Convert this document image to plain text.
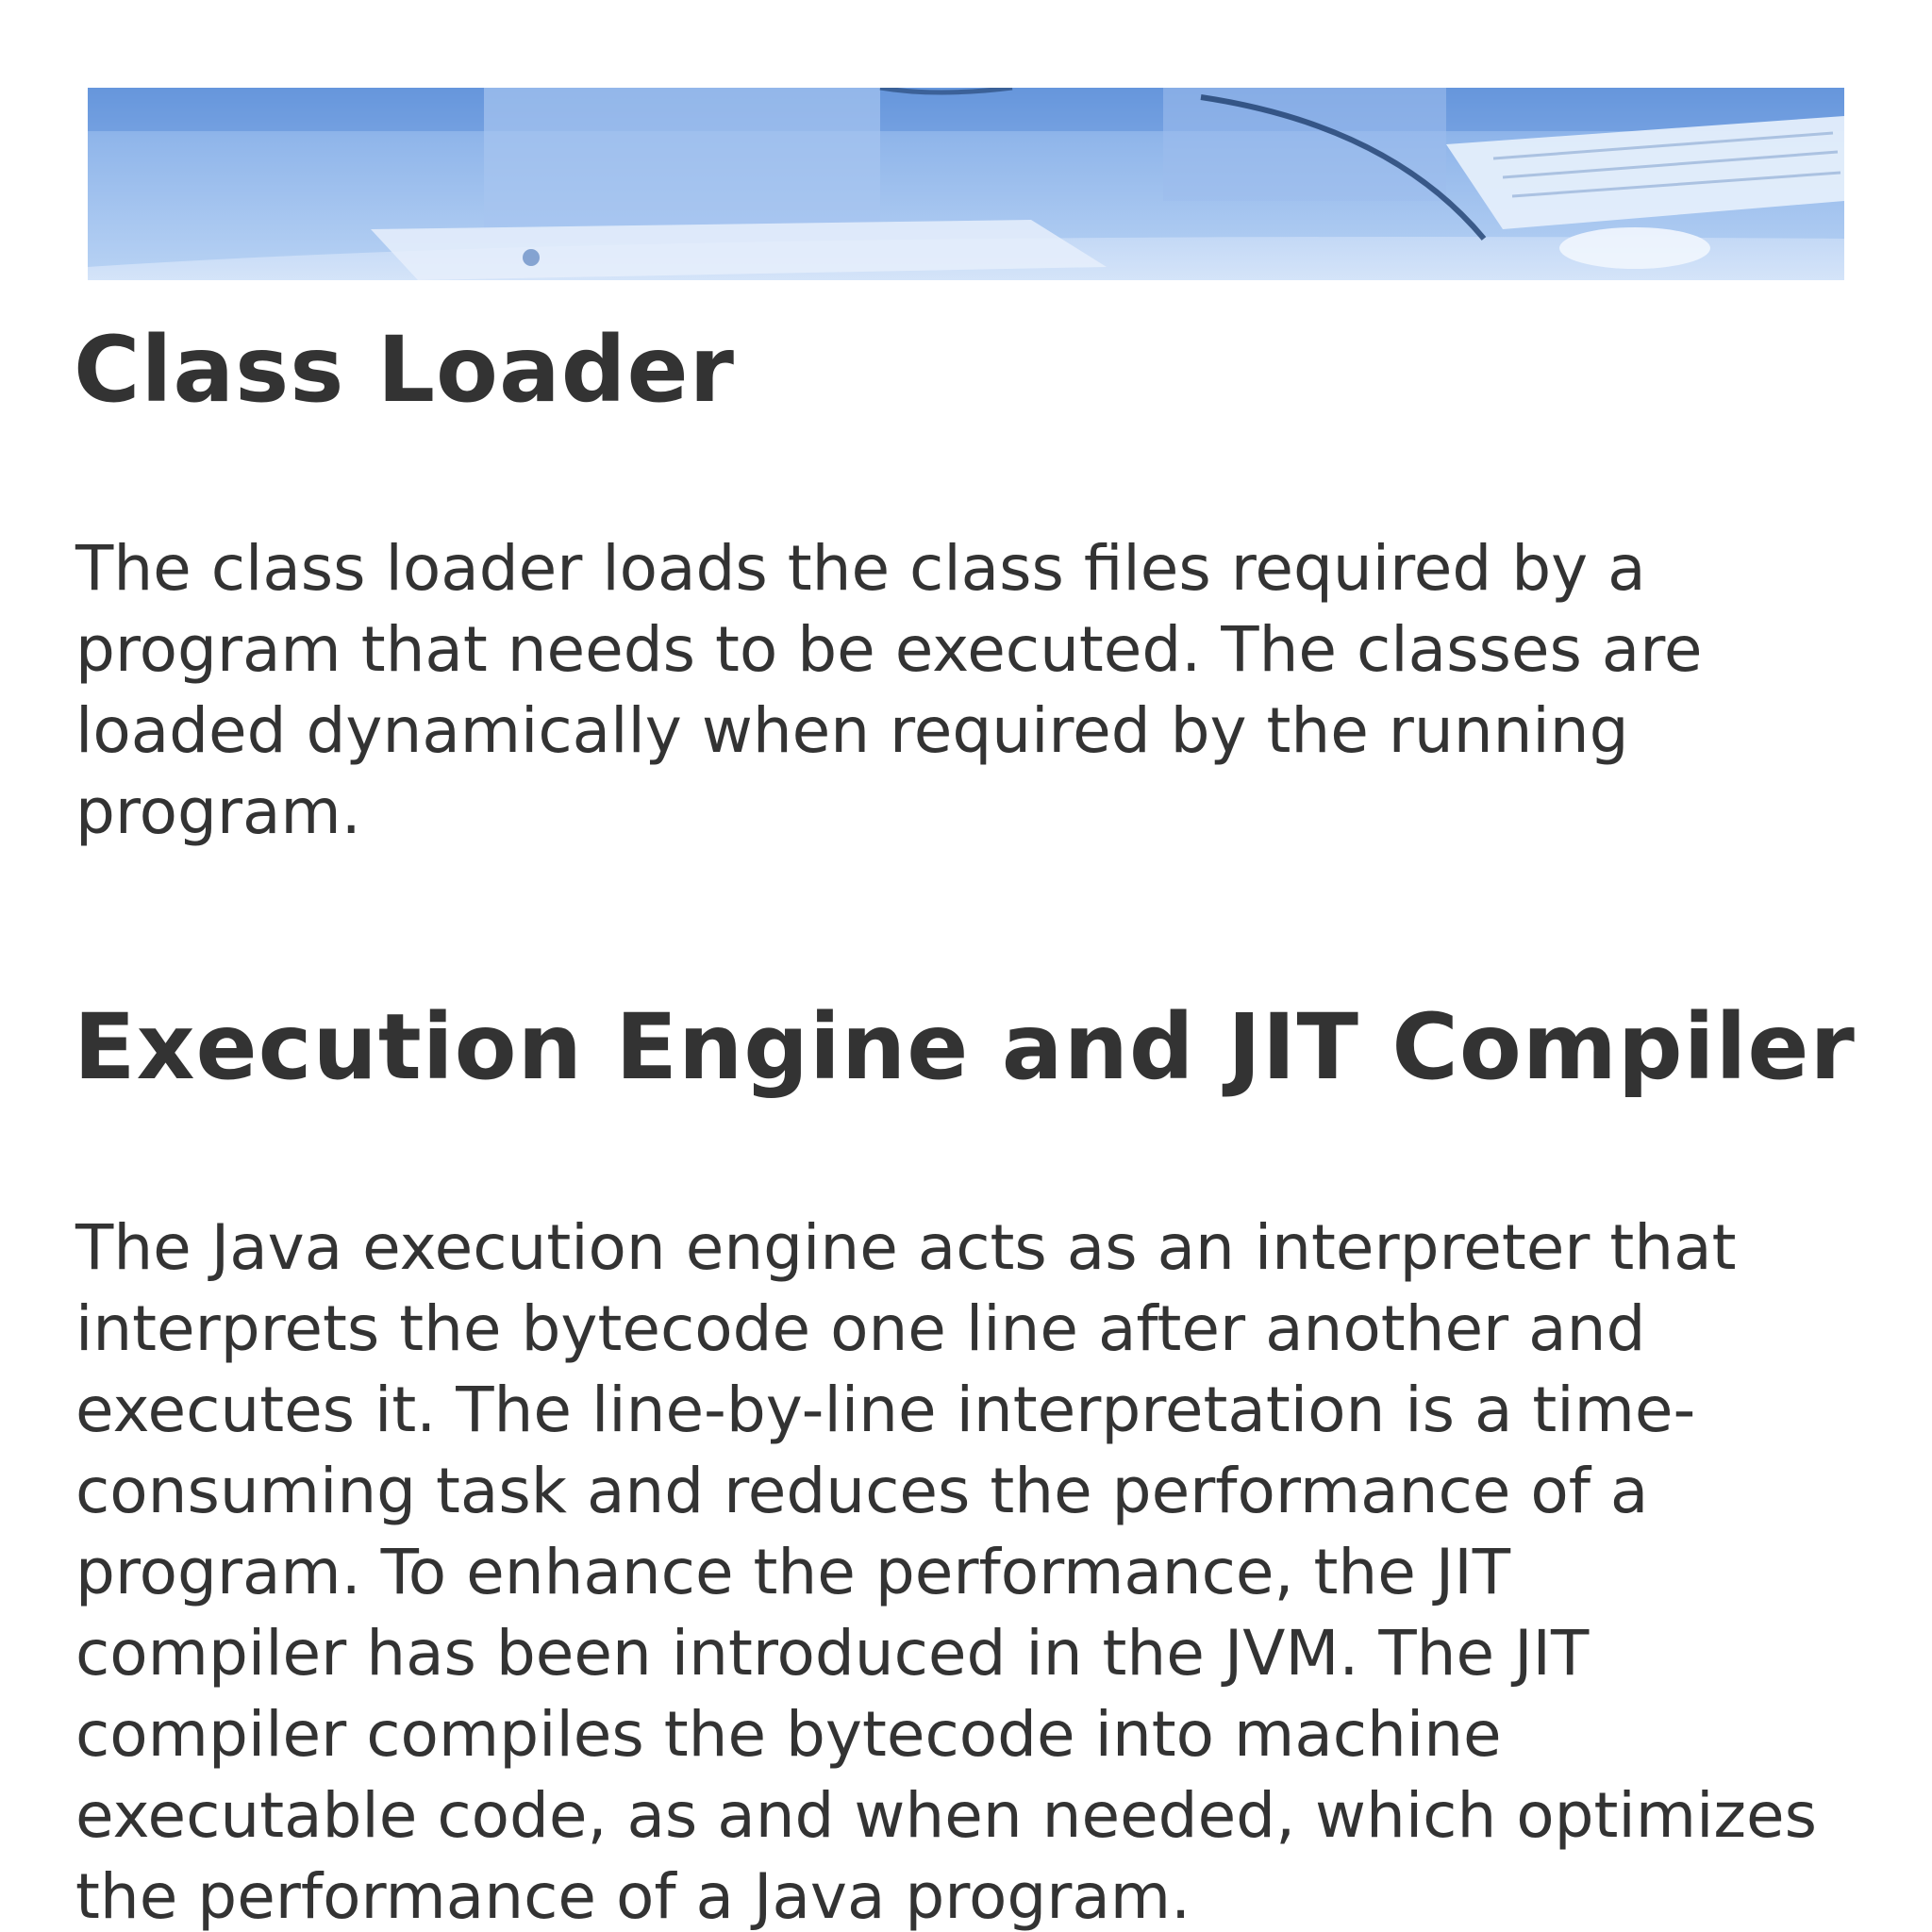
Class Loader

The class loader loads the class files required by a
program that needs to be executed. The classes are
loaded dynamically when required by the running
program.

Execution Engine and JIT Compiler

The Java execution engine acts as an interpreter that
interprets the bytecode one line after another and
executes it. The line-by-line interpretation is a time-
consuming task and reduces the performance of a
program. To enhance the performance, the JIT
compiler has been introduced in the JVM. The JIT
compiler compiles the bytecode into machine
executable code, as and when needed, which optimizes
the performance of a Java program.
